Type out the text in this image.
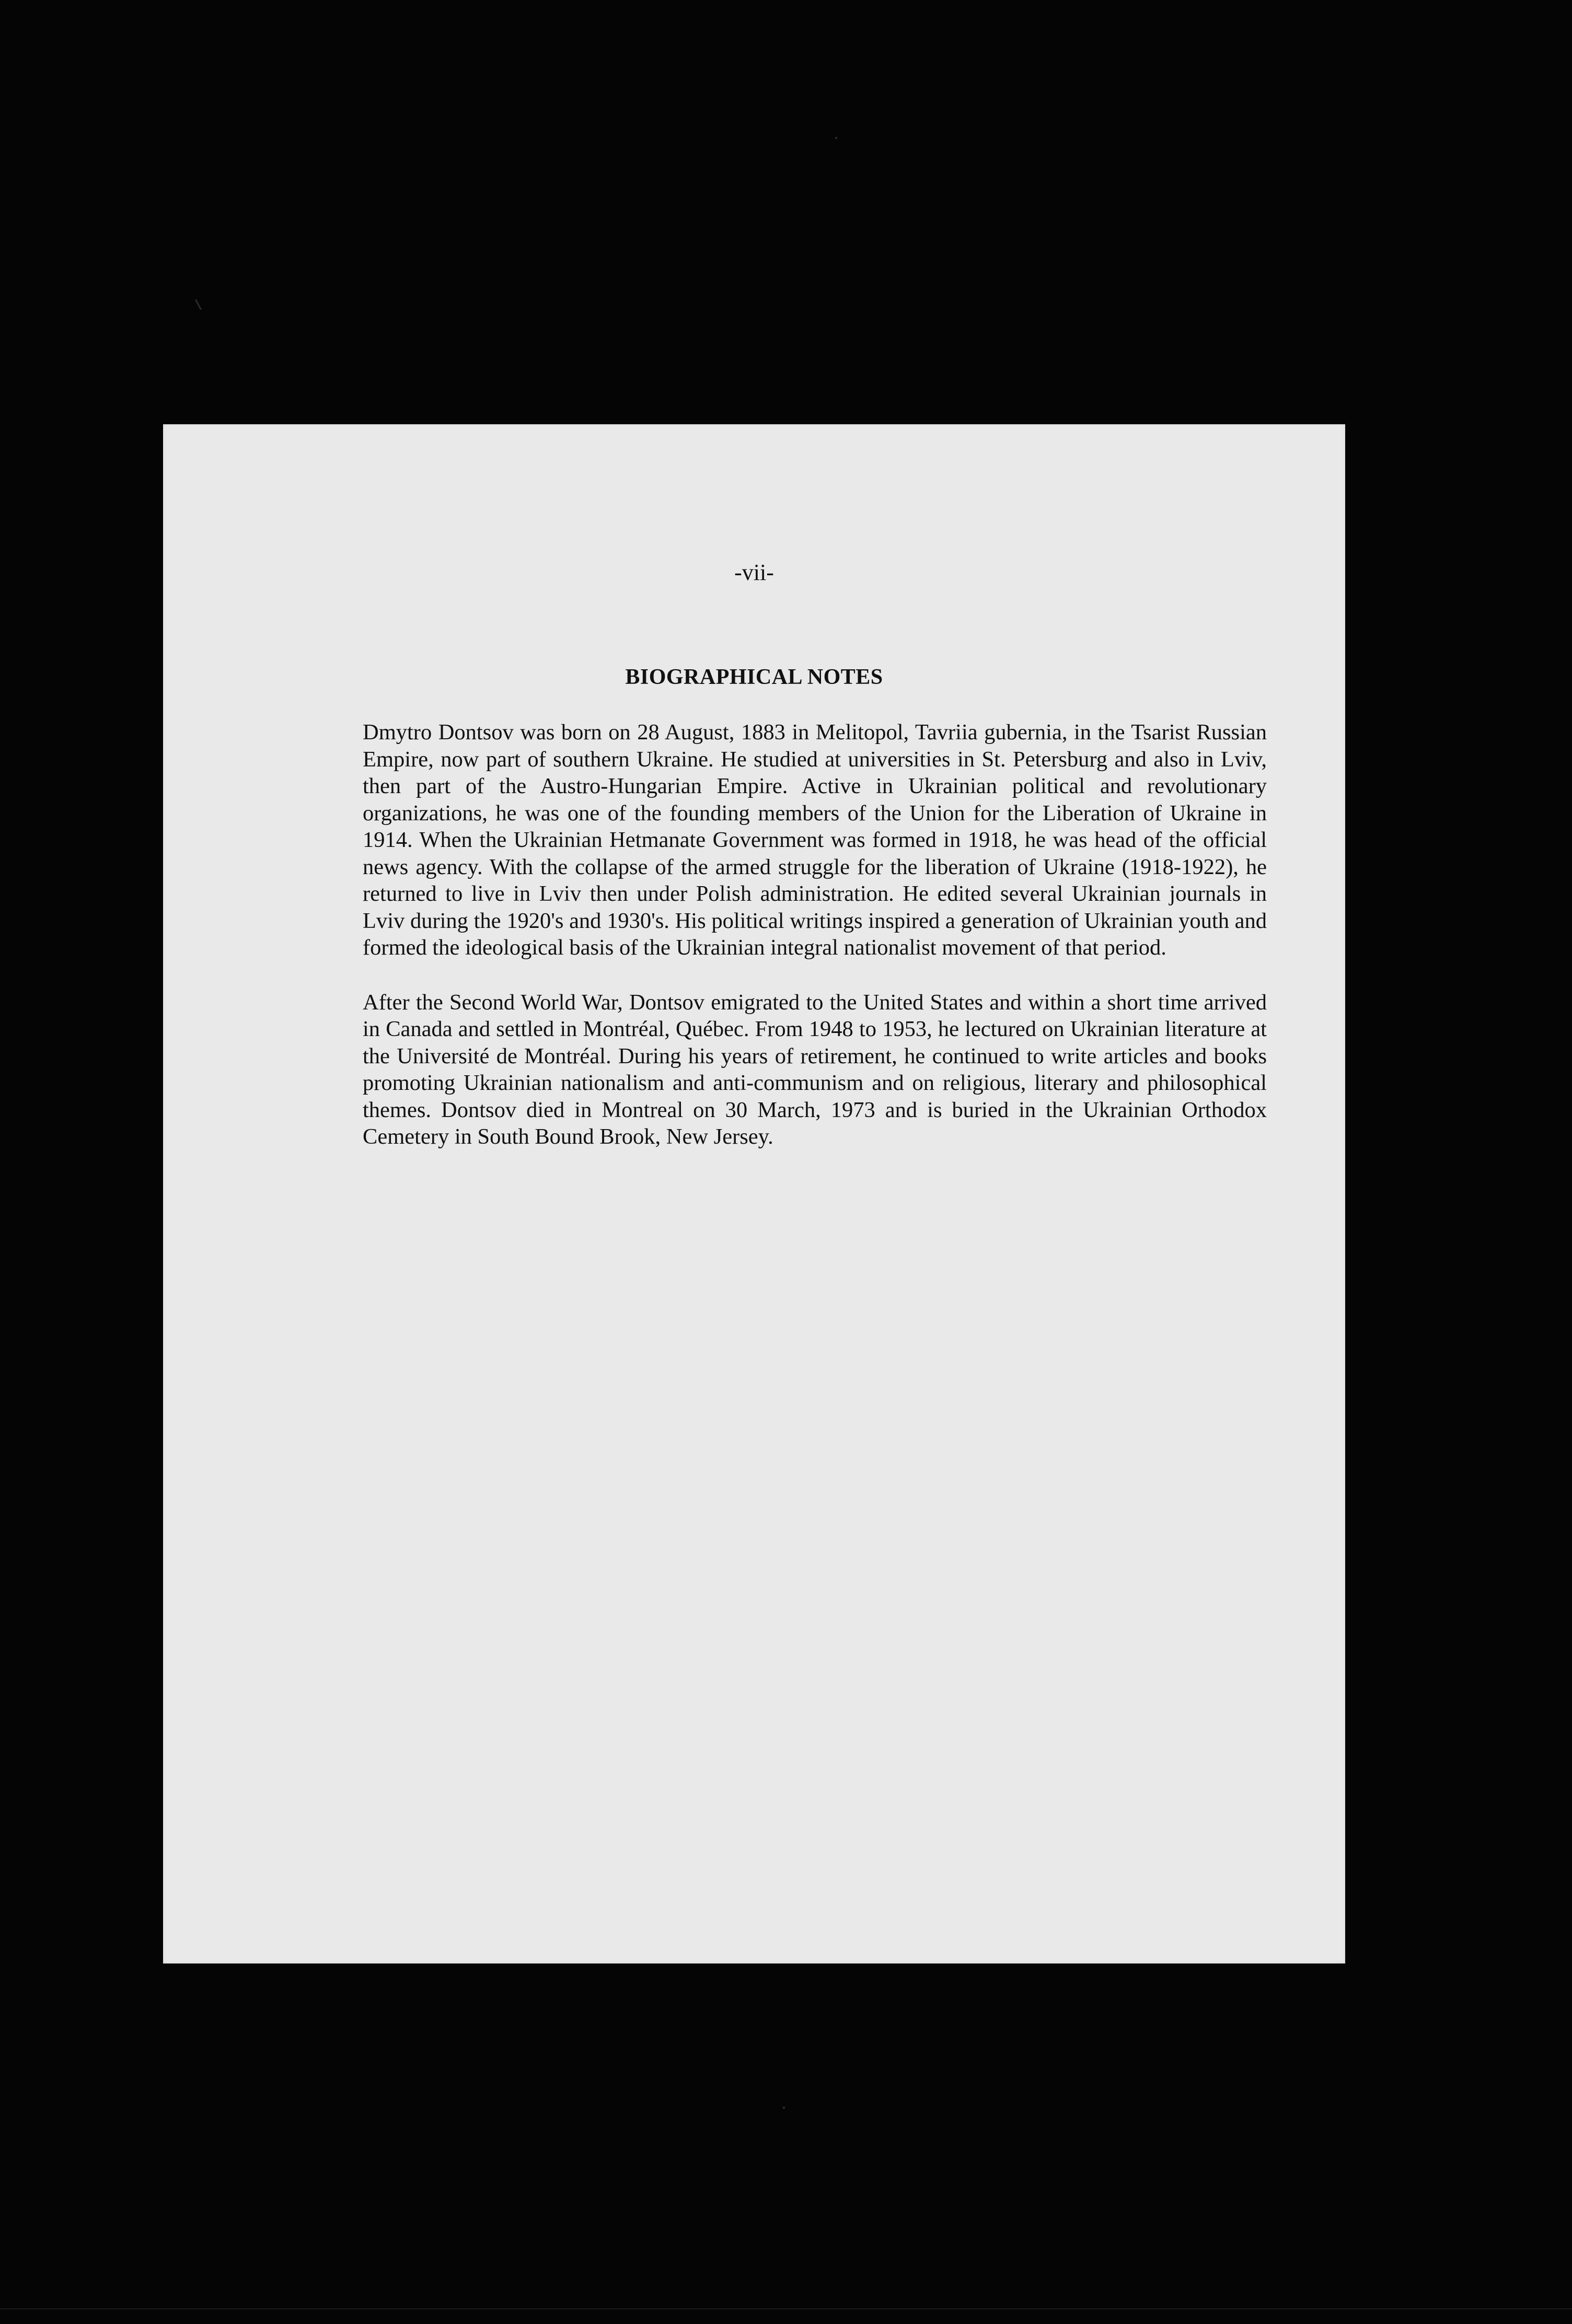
-vii-
BIOGRAPHICAL NOTES

Dmytro Dontsov was born on 28 August, 1883 in Melitopol, Tavriia gubernia, in the Tsarist Russian Empire, now part of southern Ukraine. He studied at universities in St. Petersburg and also in Lviv, then part of the Austro-Hungarian Empire. Active in Ukrainian political and revolutionary organizations, he was one of the founding members of the Union for the Liberation of Ukraine in 1914. When the Ukrainian Hetmanate Government was formed in 1918, he was head of the official news agency. With the collapse of the armed struggle for the liberation of Ukraine (1918-1922), he returned to live in Lviv then under Polish administration. He edited several Ukrainian journals in Lviv during the 1920's and 1930's. His political writings inspired a generation of Ukrainian youth and formed the ideological basis of the Ukrainian integral nationalist movement of that period.

After the Second World War, Dontsov emigrated to the United States and within a short time arrived in Canada and settled in Montréal, Québec. From 1948 to 1953, he lectured on Ukrainian literature at the Université de Montréal. During his years of retirement, he continued to write articles and books promoting Ukrainian nationalism and anti-communism and on religious, literary and philosophical themes. Dontsov died in Montreal on 30 March, 1973 and is buried in the Ukrainian Orthodox Cemetery in South Bound Brook, New Jersey.
